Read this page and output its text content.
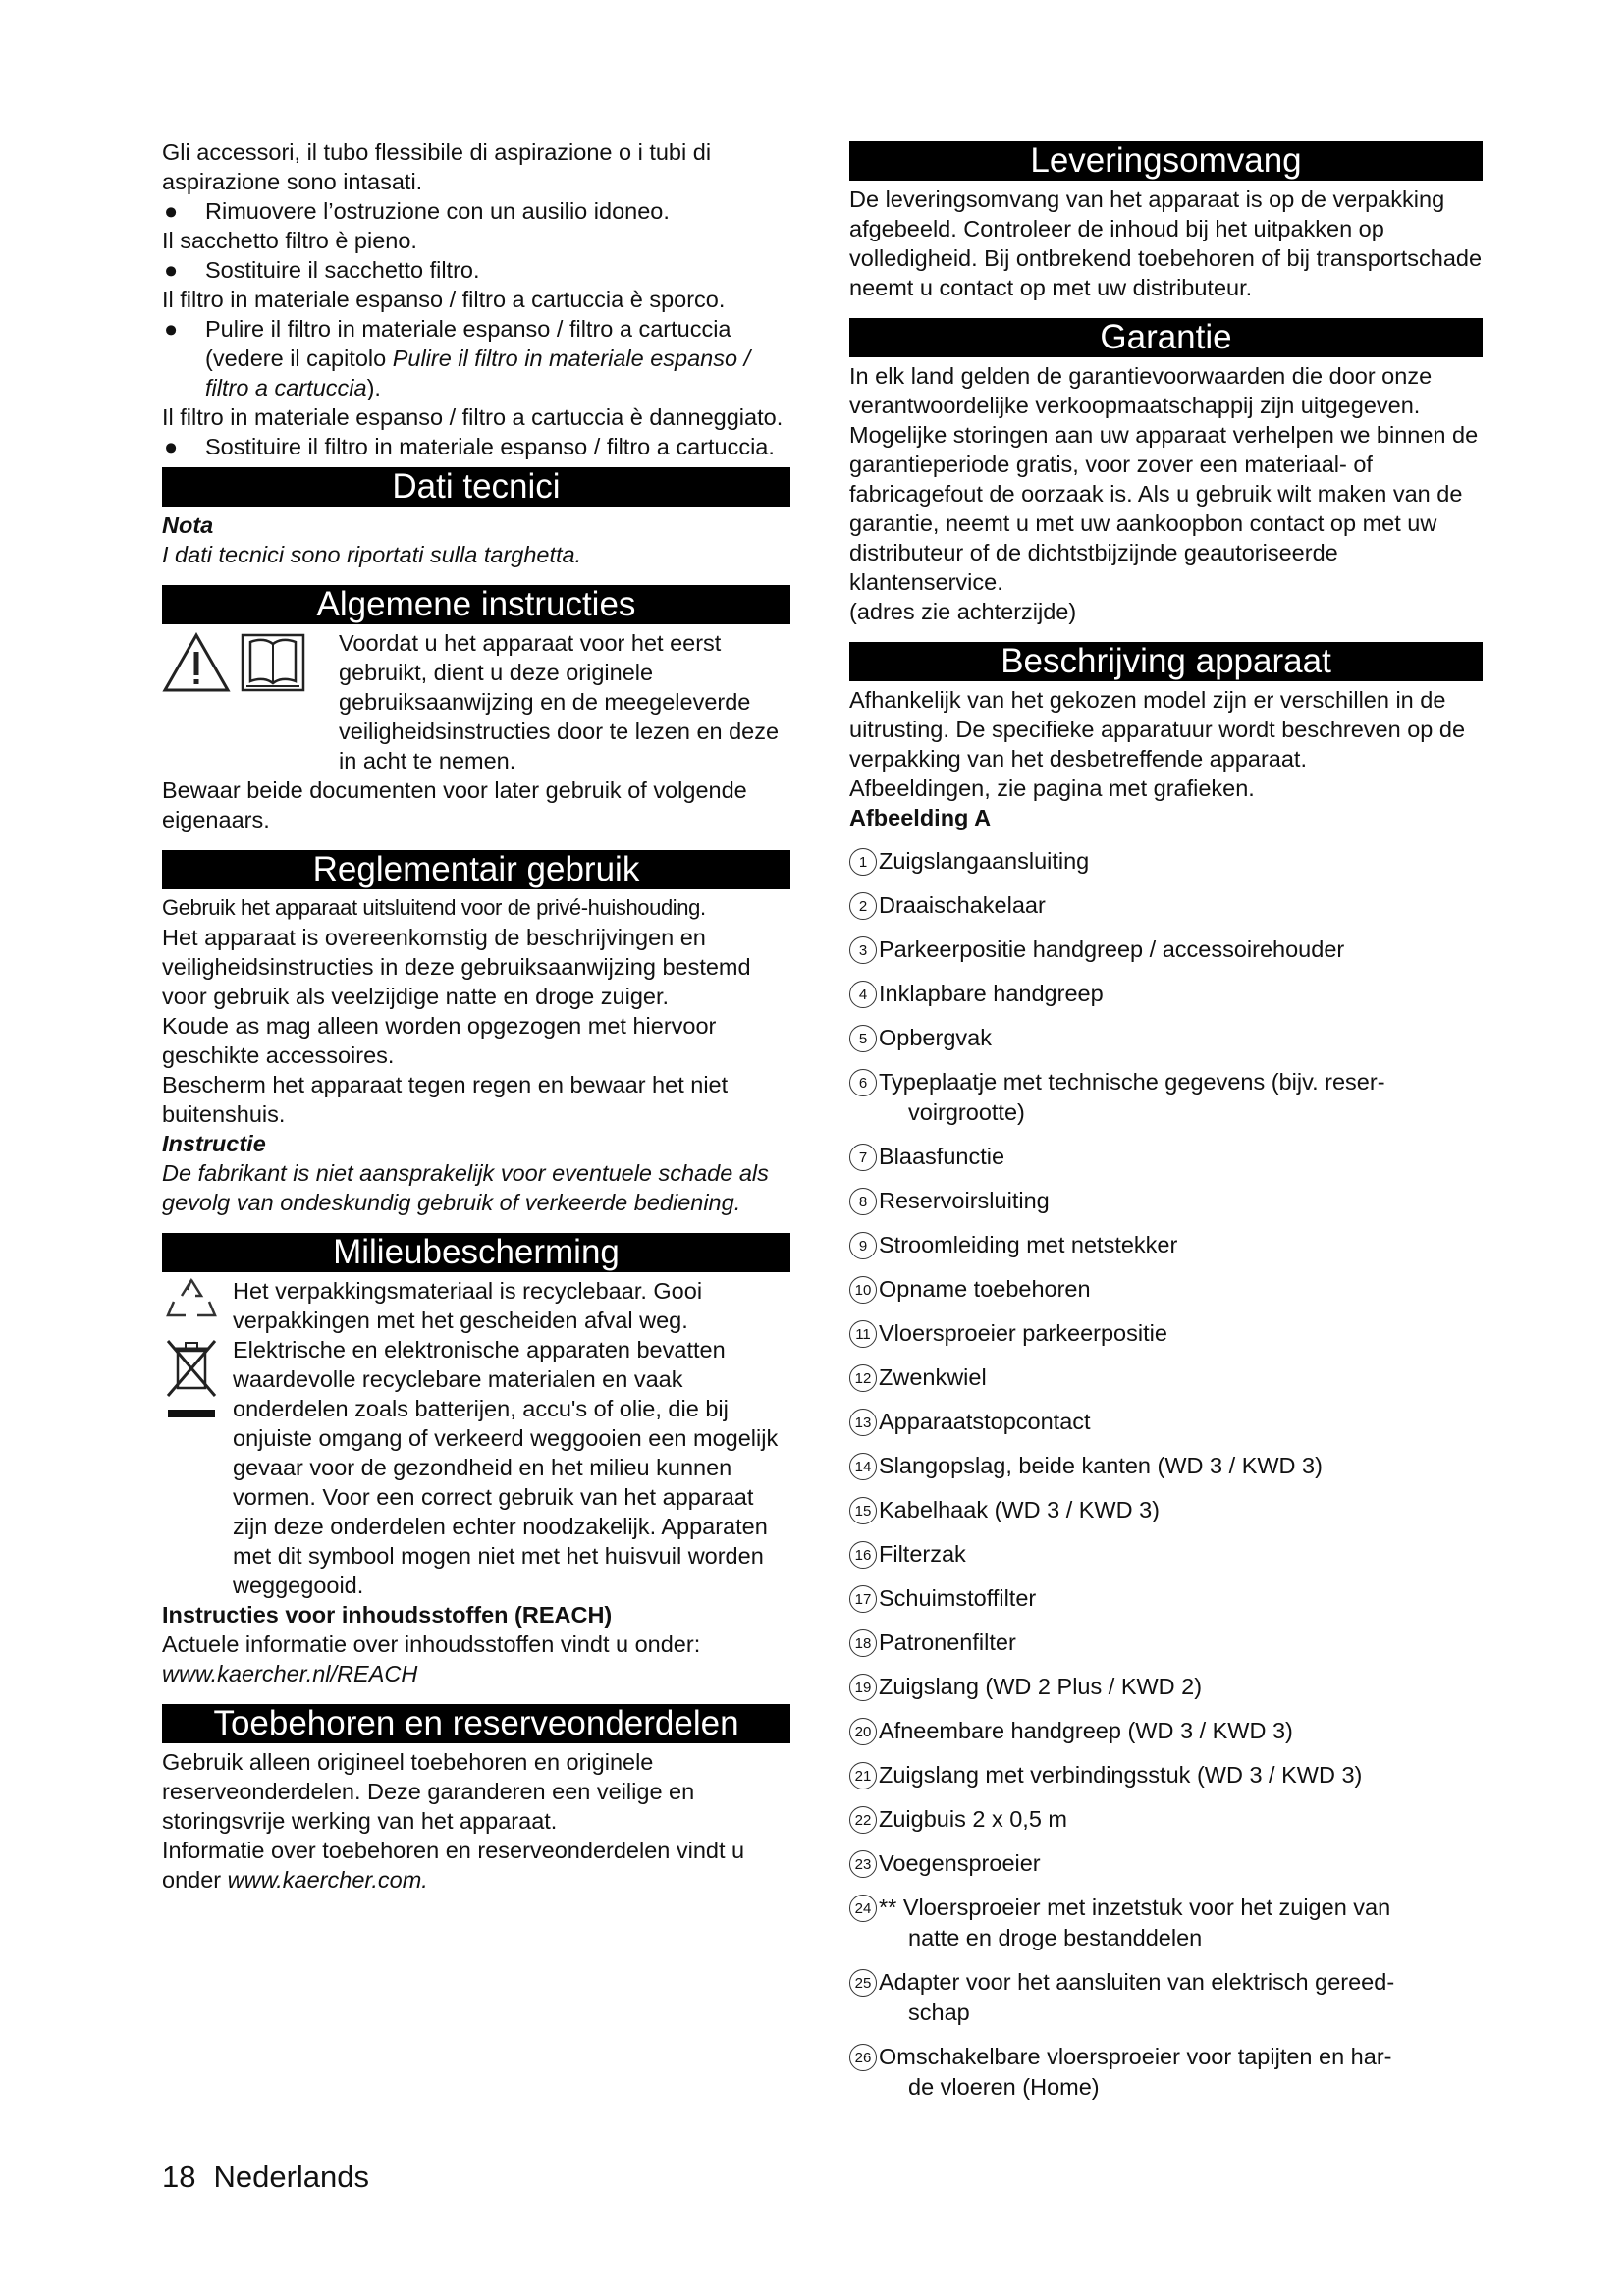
Gli accessori, il tubo flessibile di aspirazione o i tubi di aspirazione sono intasati.

●	Rimuovere l’ostruzione con un ausilio idoneo.

Il sacchetto filtro è pieno.

●	Sostituire il sacchetto filtro.

Il filtro in materiale espanso / filtro a cartuccia è sporco.

●	Pulire il filtro in materiale espanso / filtro a cartuccia (vedere il capitolo Pulire il filtro in materiale espanso / filtro a cartuccia).

Il filtro in materiale espanso / filtro a cartuccia è danneggiato.

●	Sostituire il filtro in materiale espanso / filtro a cartuccia.
Dati tecnici

Nota

I dati tecnici sono riportati sulla targhetta.

Algemene instructies

Voordat u het apparaat voor het eerst gebruikt, dient u deze originele gebruiksaanwijzing en de meegeleverde veiligheidsinstructies door te lezen en deze in acht te nemen.

Bewaar beide documenten voor later gebruik of volgende eigenaars.

Reglementair gebruik

Gebruik het apparaat uitsluitend voor de privé-huishouding.

Het apparaat is overeenkomstig de beschrijvingen en veiligheidsinstructies in deze gebruiksaanwijzing bestemd voor gebruik als veelzijdige natte en droge zuiger.

Koude as mag alleen worden opgezogen met hiervoor geschikte accessoires.

Bescherm het apparaat tegen regen en bewaar het niet buitenshuis.

Instructie

De fabrikant is niet aansprakelijk voor eventuele schade als gevolg van ondeskundig gebruik of verkeerde bediening.

Milieubescherming

Het verpakkingsmateriaal is recyclebaar. Gooi verpakkingen met het gescheiden afval weg.

Elektrische en elektronische apparaten bevatten waardevolle recyclebare materialen en vaak onderdelen zoals batterijen, accu's of olie, die bij onjuiste omgang of verkeerd weggooien een mogelijk gevaar voor de gezondheid en het milieu kunnen vormen. Voor een correct gebruik van het apparaat zijn deze onderdelen echter noodzakelijk. Apparaten met dit symbool mogen niet met het huisvuil worden weggegooid.

Instructies voor inhoudsstoffen (REACH)

Actuele informatie over inhoudsstoffen vindt u onder:

www.kaercher.nl/REACH

Toebehoren en reserveonderdelen

Gebruik alleen origineel toebehoren en originele reserveonderdelen. Deze garanderen een veilige en storingsvrije werking van het apparaat.

Informatie over toebehoren en reserveonderdelen vindt u onder www.kaercher.com.

Leveringsomvang

De leveringsomvang van het apparaat is op de verpakking afgebeeld. Controleer de inhoud bij het uitpakken op volledigheid. Bij ontbrekend toebehoren of bij transportschade neemt u contact op met uw distributeur.

Garantie

In elk land gelden de garantievoorwaarden die door onze verantwoordelijke verkoopmaatschappij zijn uitgegeven. Mogelijke storingen aan uw apparaat verhelpen we binnen de garantieperiode gratis, voor zover een materiaal- of fabricagefout de oorzaak is. Als u gebruik wilt maken van de garantie, neemt u met uw aankoopbon contact op met uw distributeur of de dichtstbijzijnde geautoriseerde klantenservice.

(adres zie achterzijde)

Beschrijving apparaat

Afhankelijk van het gekozen model zijn er verschillen in de uitrusting. De specifieke apparatuur wordt beschreven op de verpakking van het desbetreffende apparaat.

Afbeeldingen, zie pagina met grafieken.

Afbeelding A

1 Zuigslangaansluiting
2 Draaischakelaar
3 Parkeerpositie handgreep / accessoirehouder
4 Inklapbare handgreep
5 Opbergvak
6 Typeplaatje met technische gegevens (bijv. reser-
voirgrootte)
7 Blaasfunctie
8 Reservoirsluiting
9 Stroomleiding met netstekker
10 Opname toebehoren
11 Vloersproeier parkeerpositie
12 Zwenkwiel
13 Apparaatstopcontact
14 Slangopslag, beide kanten (WD 3 / KWD 3)
15 Kabelhaak (WD 3 / KWD 3)
16 Filterzak
17 Schuimstoffilter
18 Patronenfilter
19 Zuigslang (WD 2 Plus / KWD 2)
20 Afneembare handgreep (WD 3 / KWD 3)
21 Zuigslang met verbindingsstuk (WD 3 / KWD 3)
22 Zuigbuis 2 x 0,5 m
23 Voegensproeier
24 ** Vloersproeier met inzetstuk voor het zuigen van
natte en droge bestanddelen
25 Adapter voor het aansluiten van elektrisch gereed-
schap
26 Omschakelbare vloersproeier voor tapijten en har-
de vloeren (Home)
18 Nederlands
